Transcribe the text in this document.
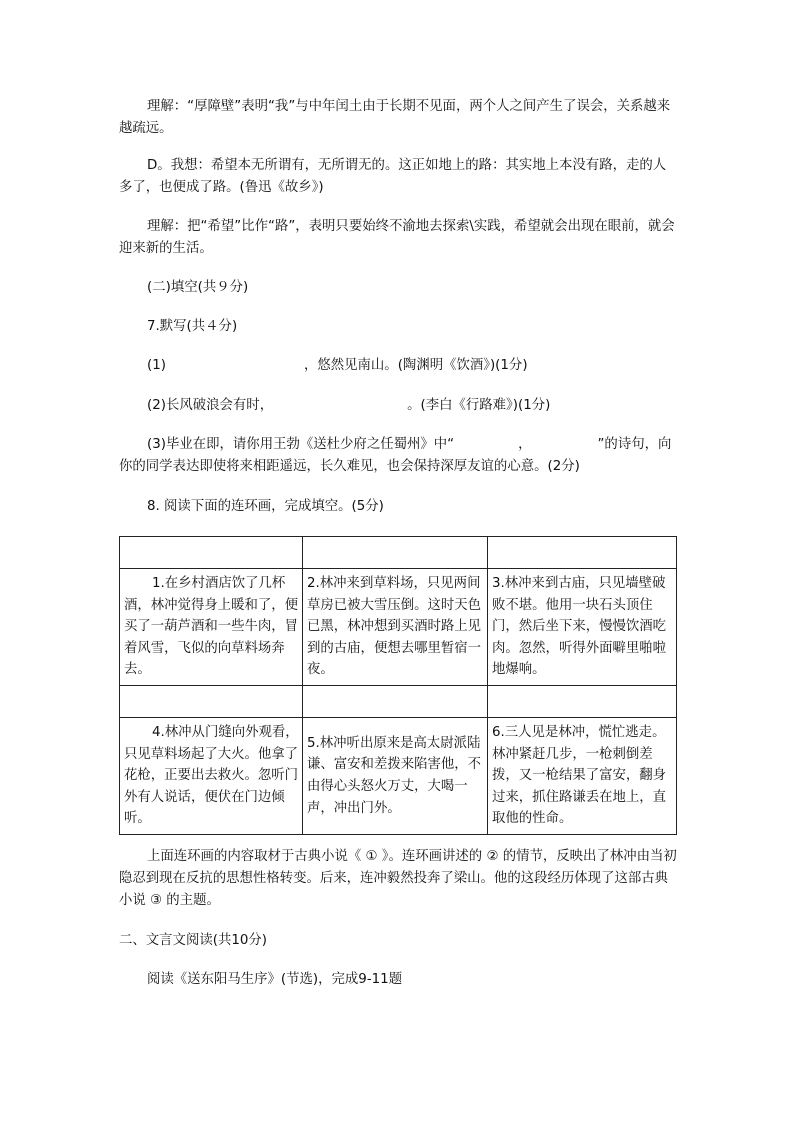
理解：“厚障壁”表明“我”与中年闰土由于长期不见面，两个人之间产生了误会，关系越来越疏远。

D。我想：希望本无所谓有，无所谓无的。这正如地上的路：其实地上本没有路，走的人多了，也便成了路。(鲁迅《故乡》)

理解：把“希望”比作“路”，表明只要始终不渝地去探索\实践，希望就会出现在眼前，就会迎来新的生活。

(二)填空(共９分)

7.默写(共４分)

(1)	，悠然见南山。(陶渊明《饮酒》)(1分)

(2)长风破浪会有时，	。(李白《行路难》)(1分)

(3)毕业在即，请你用王勃《送杜少府之任蜀州》中“	，	”的诗句，向你的同学表达即使将来相距遥远，长久难见，也会保持深厚友谊的心意。(2分)

8. 阅读下面的连环画，完成填空。(5分)

1.在乡村酒店饮了几杯酒，林冲觉得身上暖和了，便买了一葫芦酒和一些牛肉，冒着风雪，飞似的向草料场奔去。	2.林冲来到草料场，只见两间草房已被大雪压倒。这时天色已黑，林冲想到买酒时路上见到的古庙，便想去哪里暂宿一夜。	3.林冲来到古庙，只见墙壁破败不堪。他用一块石头顶住门，然后坐下来，慢慢饮酒吃肉。忽然，听得外面噼里啪啦地爆响。

4.林冲从门缝向外观看，只见草料场起了大火。他拿了花枪，正要出去救火。忽听门外有人说话，便伏在门边倾听。	5.林冲听出原来是高太尉派陆谦、富安和差拨来陷害他，不由得心头怒火万丈，大喝一声，冲出门外。	6.三人见是林冲，慌忙逃走。林冲紧赶几步，一枪刺倒差拨，又一枪结果了富安，翻身过来，抓住路谦丢在地上，直取他的性命。

上面连环画的内容取材于古典小说《 ① 》。连环画讲述的 ② 的情节，反映出了林冲由当初隐忍到现在反抗的思想性格转变。后来，连冲毅然投奔了梁山。他的这段经历体现了这部古典小说 ③ 的主题。

二、文言文阅读(共10分)

阅读《送东阳马生序》(节选)，完成9-11题
